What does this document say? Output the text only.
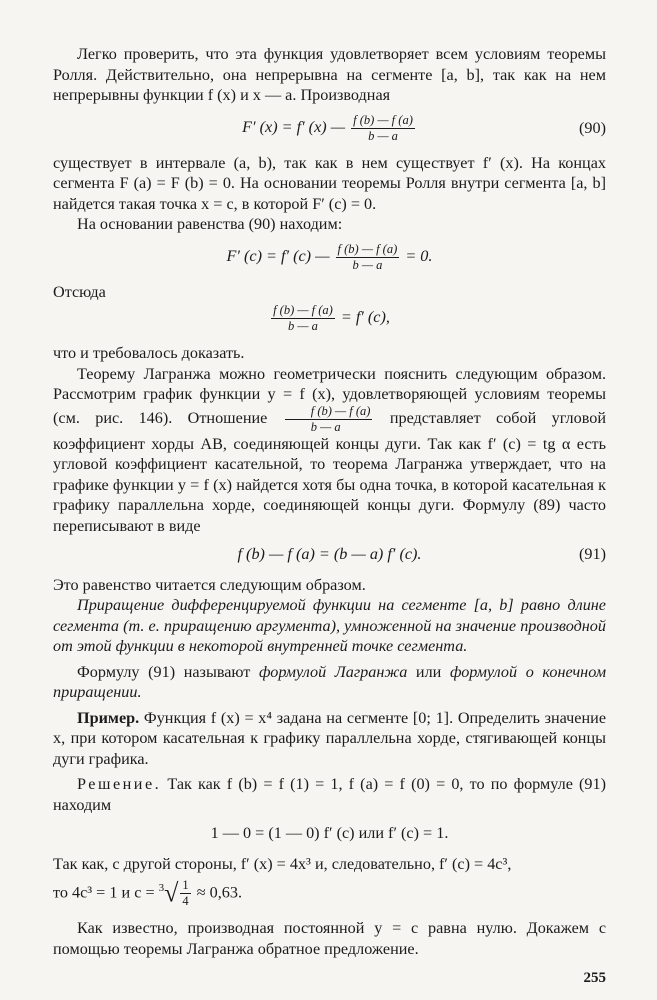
Легко проверить, что эта функция удовлетворяет всем условиям теоремы Ролля. Действительно, она непрерывна на сегменте [a, b], так как на нем непрерывны функции f (x) и x — a. Производная

F′ (x) = f′ (x) — $\frac{f (b) — f (a)}{b — a}$	(90)

существует в интервале (a, b), так как в нем существует f′ (x). На концах сегмента F (a) = F (b) = 0. На основании теоремы Ролля внутри сегмента [a, b] найдется такая точка x = c, в которой F′ (c) = 0.

На основании равенства (90) находим:

F′ (c) = f′ (c) — $\frac{f (b) — f (a)}{b — a} = 0$.

Отсюда

$\frac{f (b) — f (a)}{b — a} = f'$ (c),

что и требовалось доказать.

Теорему Лагранжа можно геометрически пояснить следующим образом. Рассмотрим график функции y = f (x), удовлетворяющей условиям теоремы (см. рис. 146). Отношение $\frac{f (b) — f (a)}{b — a}$ представляет собой угловой коэффициент хорды AB, соединяющей концы дуги. Так как f′ (c) = tg α есть угловой коэффициент касательной, то теорема Лагранжа утверждает, что на графике функции y = f (x) найдется хотя бы одна точка, в которой касательная к графику параллельна хорде, соединяющей концы дуги. Формулу (89) часто переписывают в виде

f (b) — f (a) = (b — a) f′ (c).	(91)

Это равенство читается следующим образом.

Приращение дифференцируемой функции на сегменте [a, b] равно длине сегмента (т. е. приращению аргумента), умноженной на значение производной от этой функции в некоторой внутренней точке сегмента.

Формулу (91) называют формулой Лагранжа или формулой о конечном приращении.

Пример. Функция f (x) = x⁴ задана на сегменте [0; 1]. Определить значение x, при котором касательная к графику параллельна хорде, стягивающей концы дуги графика.

Решение. Так как f (b) = f (1) = 1, f (a) = f (0) = 0, то по формуле (91) находим

1 — 0 = (1 — 0) f′ (c) или f′ (c) = 1.

Так как, с другой стороны, f′ (x) = 4x³ и, следовательно, f′ (c) = 4c³,

то 4c³ = 1 и $c = ^3√ \frac{1}{4} \approx 0,63$.

Как известно, производная постоянной y = c равна нулю. Докажем с помощью теоремы Лагранжа обратное предложение.

255
